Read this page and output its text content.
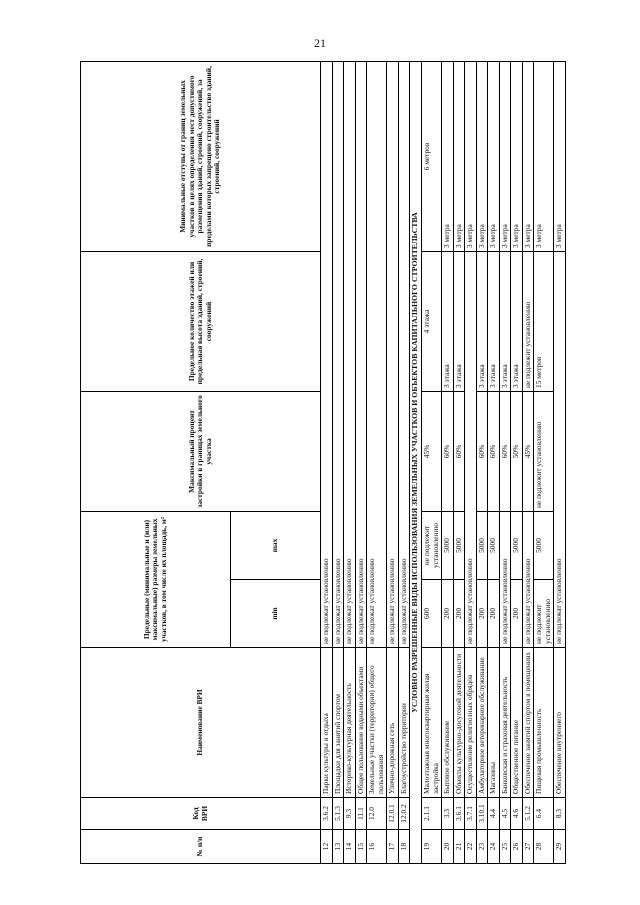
21
№ п/п	Код ВРИ	Наименование ВРИ	Предельные (минимальные и (или) максимальные) размеры земельных участков, в том числе их площадь, м²		Максимальный процент застройки в границах земельного участка	Предельное количество этажей или предельная высота зданий, строений, сооружений	Минимальные отступы от границ земельных участков в целях определения мест допустимого размещения зданий, строений, сооружений, за пределами которых запрещено строительство зданий, строений, сооружений
			min	max			
12	3.6.2	Парки культуры и отдыха	не подлежат установлению				
13	5.1.3	Площадки для занятий спортом	не подлежат установлению				
14	9.3	Историко-культурная деятельность	не подлежат установлению				
15	11.1	Общее пользование водными объектами	не подлежат установлению				
16	12.0	Земельные участки (территории) общего пользования	не подлежат установлению				
17	12.0.1	Улично-дорожная сеть	не подлежат установлению				
18	12.0.2	Благоустройство территории	не подлежат установлению				
УСЛОВНО РАЗРЕШЕННЫЕ ВИДЫ ИСПОЛЬЗОВАНИЯ ЗЕМЕЛЬНЫХ УЧАСТКОВ И ОБЪЕКТОВ КАПИТАЛЬНОГО СТРОИТЕЛЬСТВА							
19	2.1.1	Малоэтажная многоквартирная жилая застройка	600	не подлежит установлению	45%	4 этажа	6 метров
20	3.3	Бытовое обслуживание	200	5000	60%	3 этажа	3 метра
21	3.6.1	Объекты культурно-досуговой деятельности	200	5000	60%	3 этажа	3 метра
22	3.7.1	Осуществление религиозных обрядов	не подлежат установлению				3 метра
23	3.10.1	Амбулаторное ветеринарное обслуживание	200	5000	60%	3 этажа	3 метра
24	4.4	Магазины	200	5000	60%	3 этажа	3 метра
25	4.5	Банковская и страховая деятельность	не подлежат установлению		60%	3 этажа	3 метра
26	4.6	Общественное питание	200	5000	50%	3 этажа	3 метра
27	5.1.2	Обеспечение занятий спортом в помещениях	не подлежат установлению		45%	не подлежит установлению	3 метра
28	6.4	Пищевая промышленность	не подлежит установлению	5000	не подлежит установлению	15 метров	3 метра
29	8.3	Обеспечение внутреннего	не подлежат установлению				3 метра
